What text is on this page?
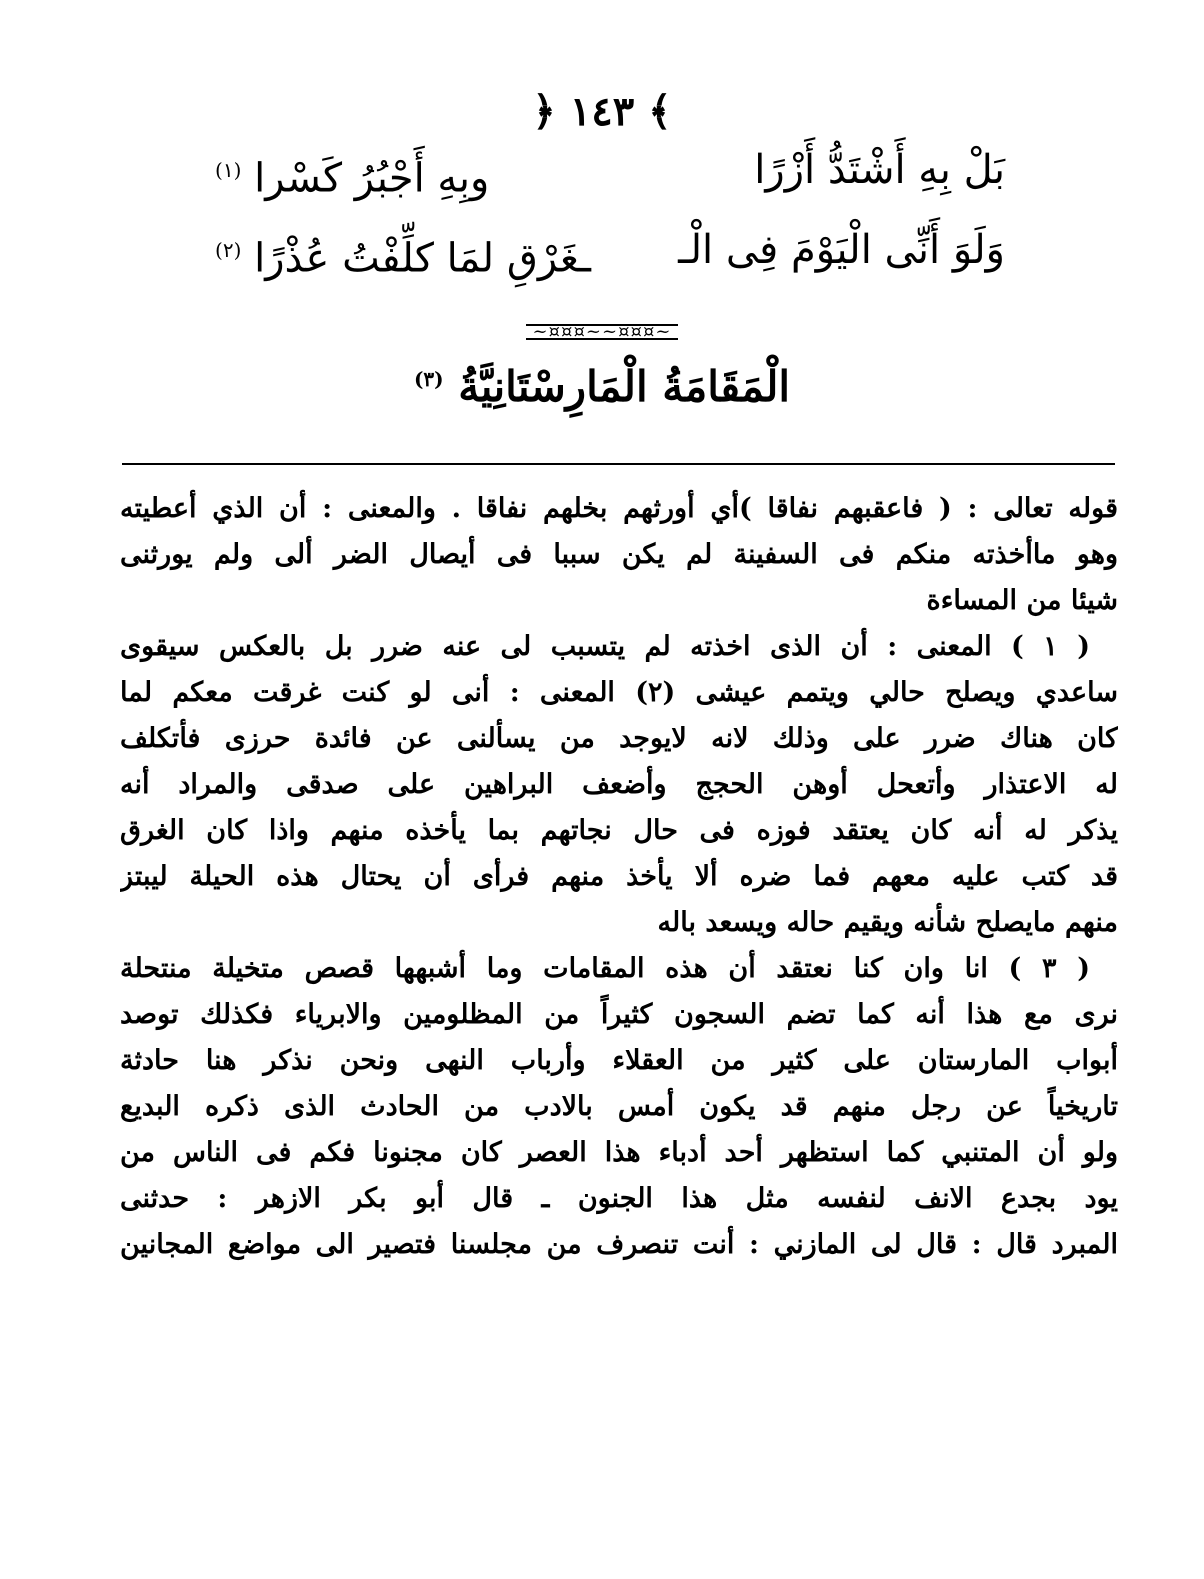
﴿ ١٤٣ ﴾
بَلْ بِهِ أَشْتَدُّ أَزْرًا
وبِهِ أَجْبُرُ كَسْرا $^{(١)}$
وَلَوَ أَنِّى الْيَوْمَ فِى الْـ
ـغَرْقِ لمَا كلِّفْتُ عُذْرًا $^{(٢)}$
~¤¤¤~~¤¤¤~
الْمَقَامَةُ الْمَارِسْتَانِيَّةُ $^{(٣)}$
قوله تعالى : ( فاعقبهم نفاقا )أي أورثهم بخلهم نفاقا . والمعنى : أن الذي أعطيته
وهو ماأخذته منكم فى السفينة لم يكن سببا فى أيصال الضر ألى ولم يورثنى
شيئا من المساءة
( ١ ) المعنى : أن الذى اخذته لم يتسبب لى عنه ضرر بل بالعكس سيقوى
ساعدي ويصلح حالي ويتمم عيشى (٢) المعنى : أنى لو كنت غرقت معكم لما
كان هناك ضرر على وذلك لانه لايوجد من يسألنى عن فائدة حرزى فأتكلف
له الاعتذار وأتعحل أوهن الحجج وأضعف البراهين على صدقى والمراد أنه
يذكر له أنه كان يعتقد فوزه فى حال نجاتهم بما يأخذه منهم واذا كان الغرق
قد كتب عليه معهم فما ضره ألا يأخذ منهم فرأى أن يحتال هذه الحيلة ليبتز
منهم مايصلح شأنه ويقيم حاله ويسعد باله
( ٣ ) انا وان كنا نعتقد أن هذه المقامات وما أشبهها قصص متخيلة منتحلة
نرى مع هذا أنه كما تضم السجون كثيراً من المظلومين والابرياء فكذلك توصد
أبواب المارستان على كثير من العقلاء وأرباب النهى ونحن نذكر هنا حادثة
تاريخياً عن رجل منهم قد يكون أمس بالادب من الحادث الذى ذكره البديع
ولو أن المتنبي كما استظهر أحد أدباء هذا العصر كان مجنونا فكم فى الناس من
يود بجدع الانف لنفسه مثل هذا الجنون ـ قال أبو بكر الازهر : حدثنى
المبرد قال : قال لى المازني : أنت تنصرف من مجلسنا فتصير الى مواضع المجانين
